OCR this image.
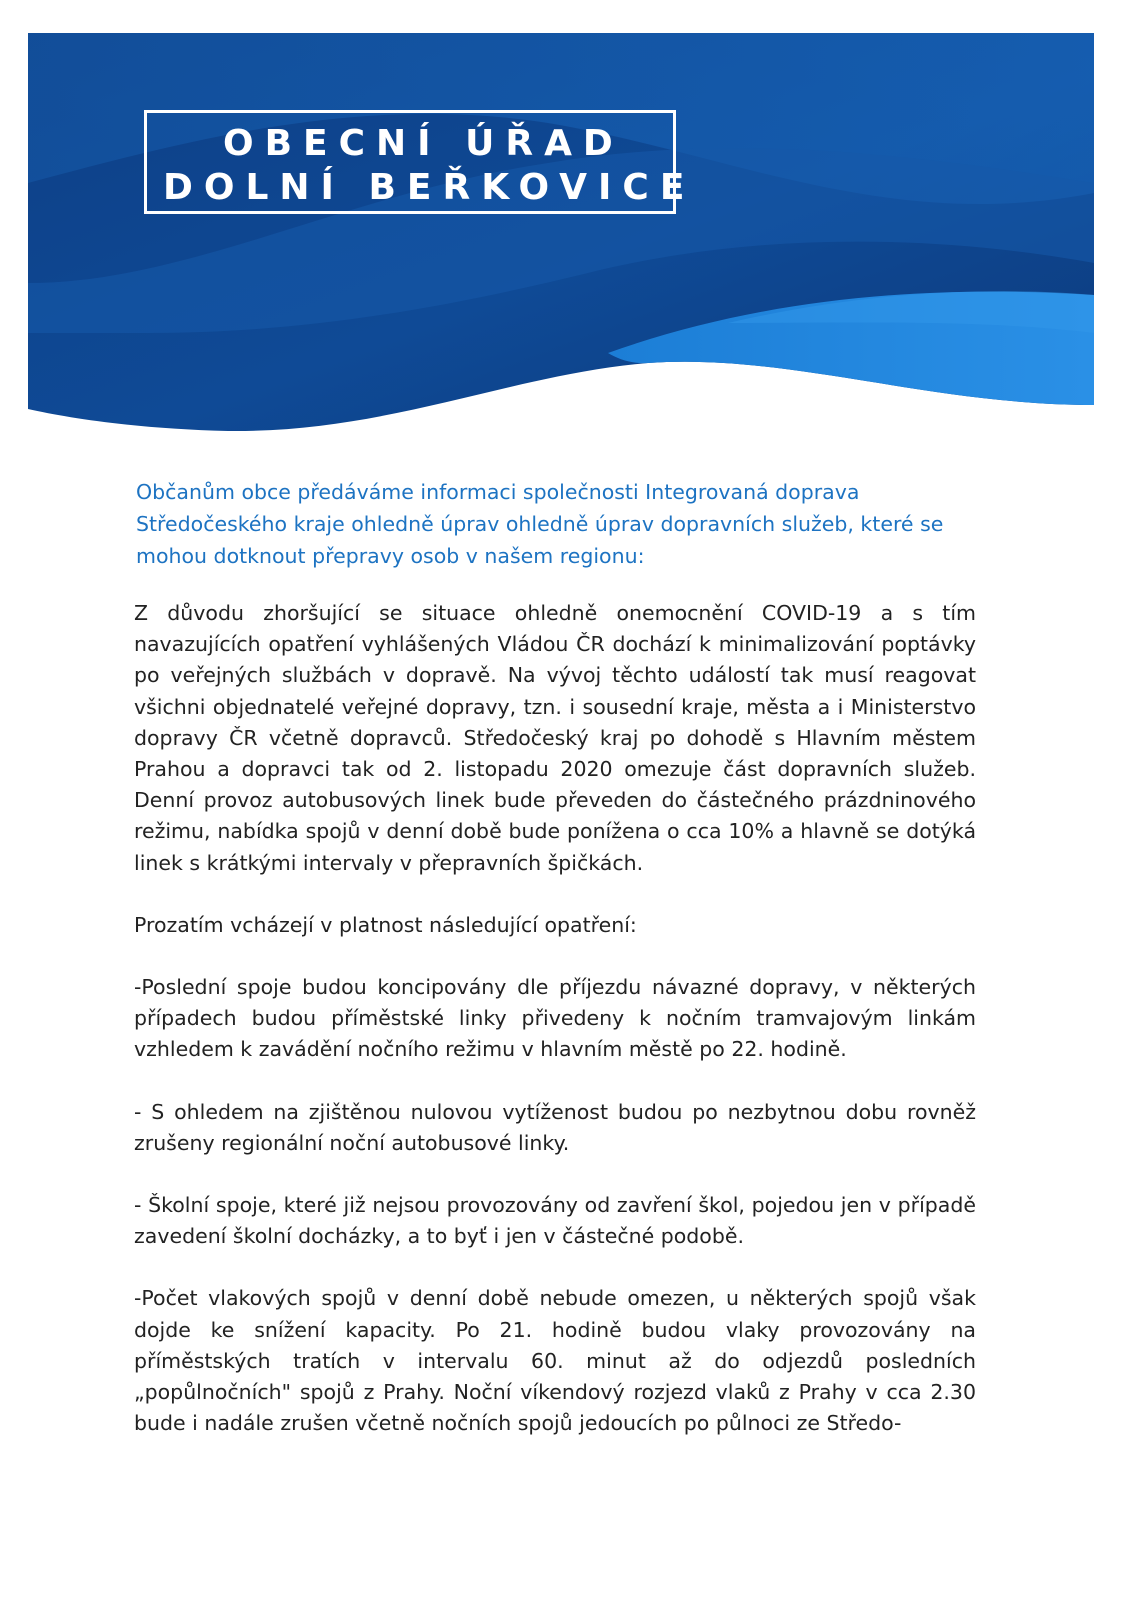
OBECNÍ ÚŘAD
DOLNÍ BEŘKOVICE
Občanům obce předáváme informaci společnosti Integrovaná doprava Středočeského kraje ohledně úprav ohledně úprav dopravních služeb, které se mohou dotknout přepravy osob v našem regionu:

Z důvodu zhoršující se situace ohledně onemocnění COVID-19 a s tím navazujících opatření vyhlášených Vládou ČR dochází k minimalizování poptávky po veřejných službách v dopravě. Na vývoj těchto událostí tak musí reagovat všichni objednatelé veřejné dopravy, tzn. i sousední kraje, města a i Ministerstvo dopravy ČR včetně dopravců. Středočeský kraj po dohodě s Hlavním městem Prahou a dopravci tak od 2. listopadu 2020 omezuje část dopravních služeb. Denní provoz autobusových linek bude převeden do částečného prázdninového režimu, nabídka spojů v denní době bude ponížena o cca 10% a hlavně se dotýká linek s krátkými intervaly v přepravních špičkách.

Prozatím vcházejí v platnost následující opatření:

-Poslední spoje budou koncipovány dle příjezdu návazné dopravy, v některých případech budou příměstské linky přivedeny k nočním tramvajovým linkám vzhledem k zavádění nočního režimu v hlavním městě po 22. hodině.

- S ohledem na zjištěnou nulovou vytíženost budou po nezbytnou dobu rovněž zrušeny regionální noční autobusové linky.

- Školní spoje, které již nejsou provozovány od zavření škol, pojedou jen v případě zavedení školní docházky, a to byť i jen v částečné podobě.

-Počet vlakových spojů v denní době nebude omezen, u některých spojů však dojde ke snížení kapacity. Po 21. hodině budou vlaky provozovány na příměstských tratích v intervalu 60. minut až do odjezdů posledních „popůlnočních" spojů z Prahy. Noční víkendový rozjezd vlaků z Prahy v cca 2.30 bude i nadále zrušen včetně nočních spojů jedoucích po půlnoci ze Středo-
